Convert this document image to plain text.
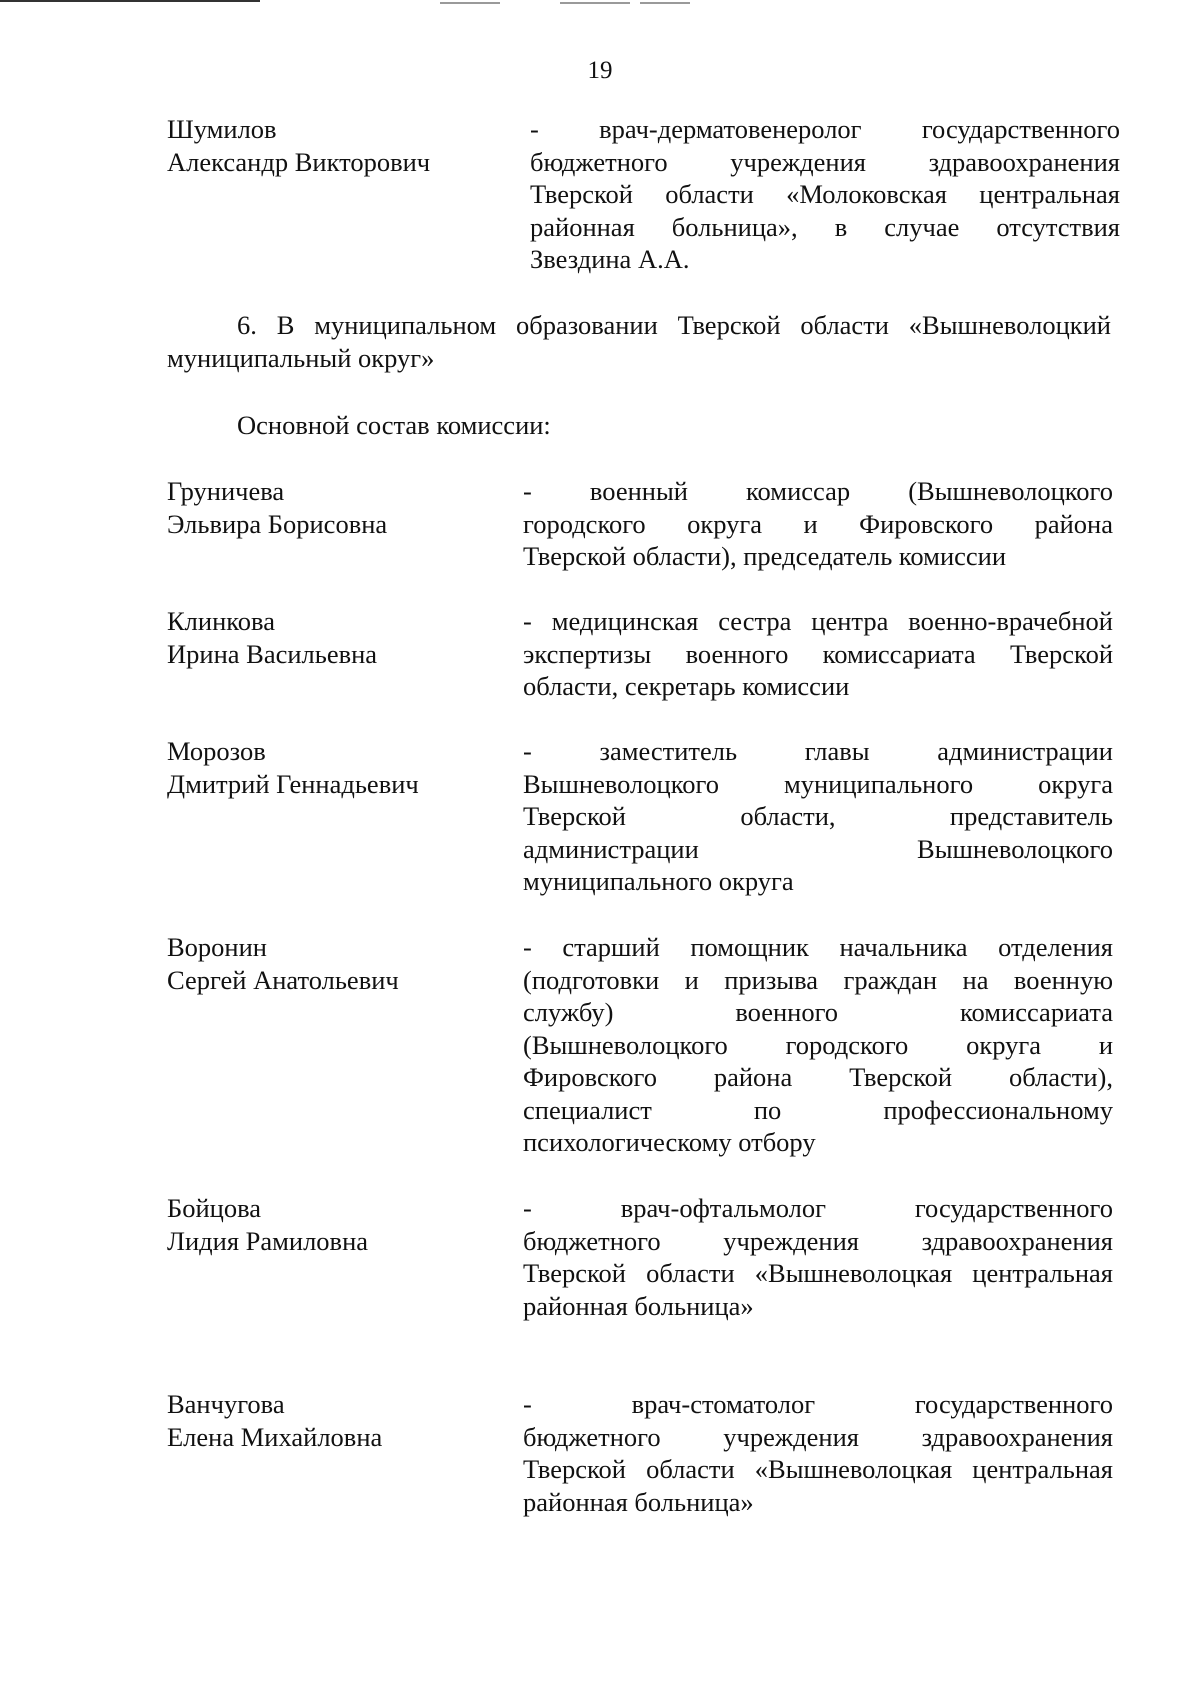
19
Шумилов
Александр Викторович
- врач-дерматовенеролог государственного
бюджетного учреждения здравоохранения
Тверской области «Молоковская центральная
районная больница», в случае отсутствия
Звездина А.А.
6. В муниципальном образовании Тверской области «Вышневолоцкий
муниципальный округ»
Основной состав комиссии:
Груничева
Эльвира Борисовна
- военный комиссар (Вышневолоцкого
городского округа и Фировского района
Тверской области), председатель комиссии
Клинкова
Ирина Васильевна
- медицинская сестра центра военно-врачебной
экспертизы военного комиссариата Тверской
области, секретарь комиссии
Морозов
Дмитрий Геннадьевич
- заместитель главы администрации
Вышневолоцкого муниципального округа
Тверской области, представитель
администрации Вышневолоцкого
муниципального округа
Воронин
Сергей Анатольевич
- старший помощник начальника отделения
(подготовки и призыва граждан на военную
службу) военного комиссариата
(Вышневолоцкого городского округа и
Фировского района Тверской области),
специалист по профессиональному
психологическому отбору
Бойцова
Лидия Рамиловна
- врач-офтальмолог государственного
бюджетного учреждения здравоохранения
Тверской области «Вышневолоцкая центральная
районная больница»
Ванчугова
Елена Михайловна
- врач-стоматолог государственного
бюджетного учреждения здравоохранения
Тверской области «Вышневолоцкая центральная
районная больница»
